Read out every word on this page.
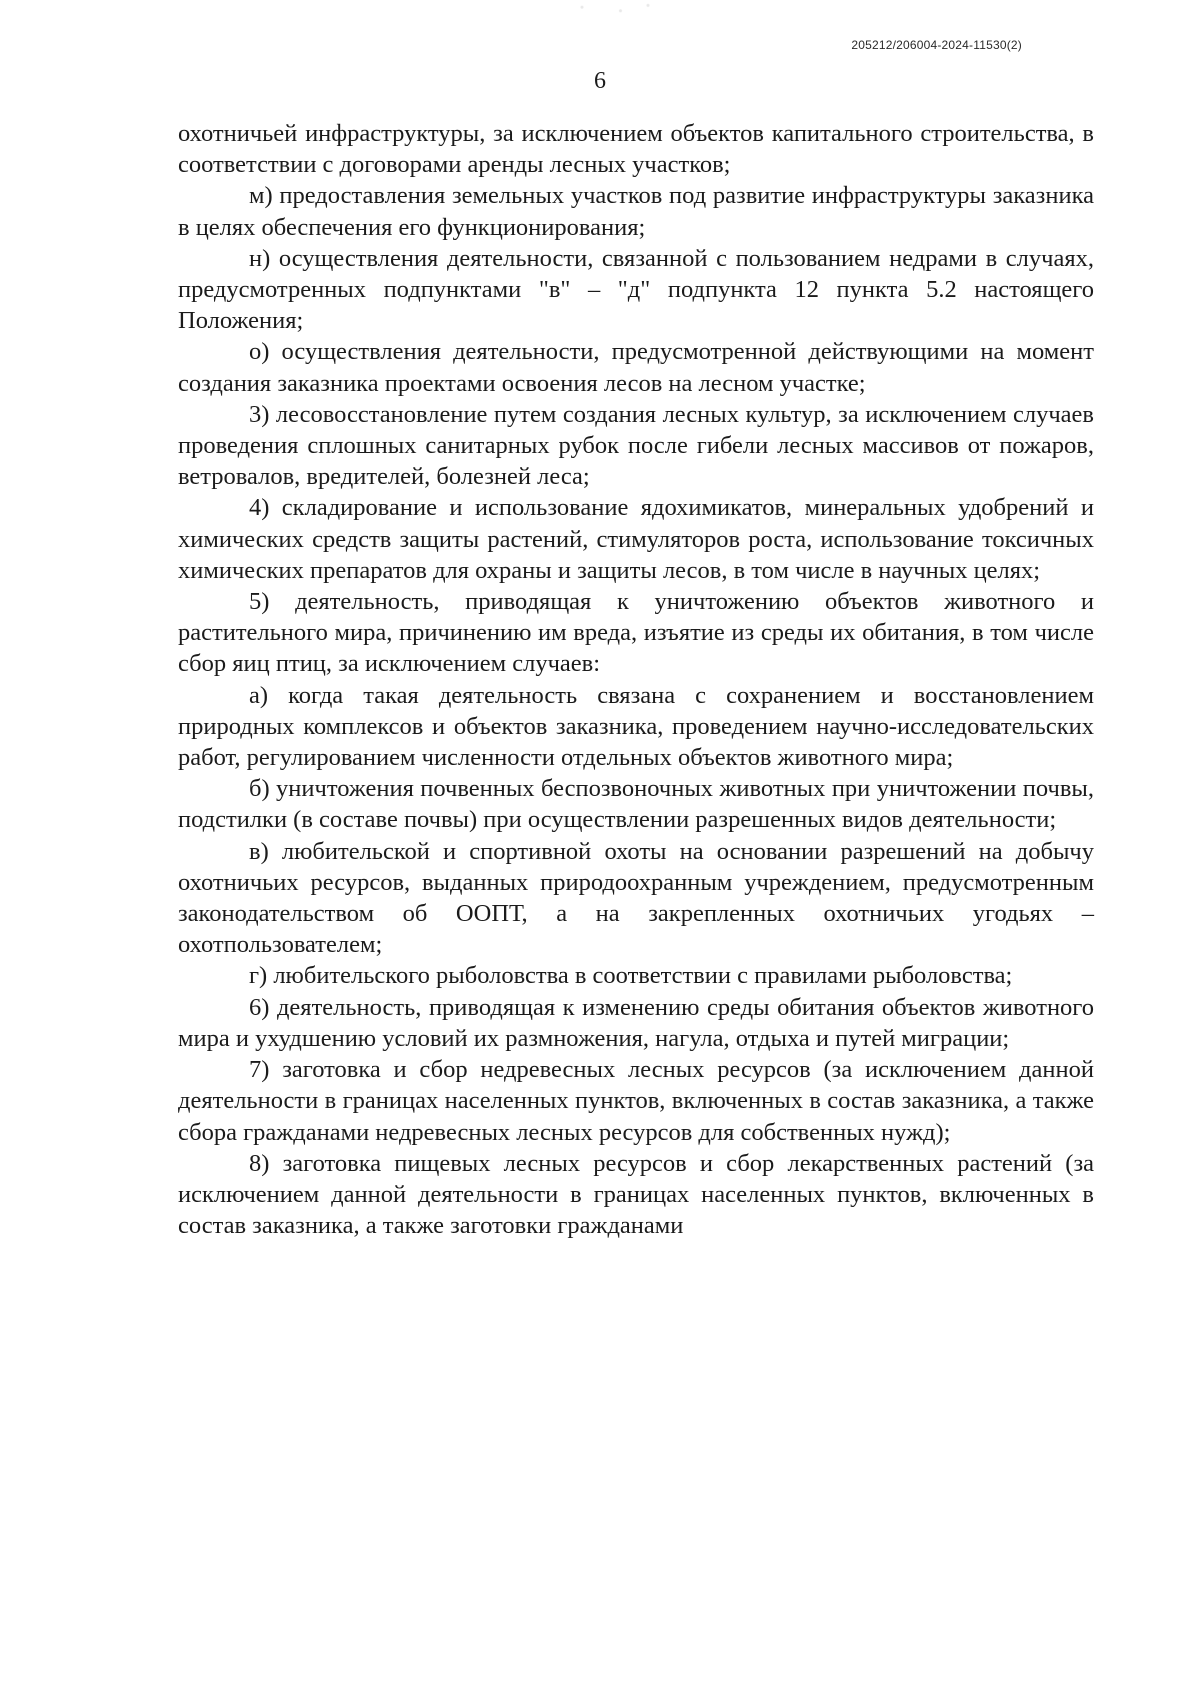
205212/206004-2024-11530(2)
6

охотничьей инфраструктуры, за исключением объектов капитального строительства, в соответствии с договорами аренды лесных участков;

м) предоставления земельных участков под развитие инфраструктуры заказника в целях обеспечения его функционирования;

н) осуществления деятельности, связанной с пользованием недрами в случаях, предусмотренных подпунктами "в" – "д" подпункта 12 пункта 5.2 настоящего Положения;

о) осуществления деятельности, предусмотренной действующими на момент создания заказника проектами освоения лесов на лесном участке;

3) лесовосстановление путем создания лесных культур, за исключением случаев проведения сплошных санитарных рубок после гибели лесных массивов от пожаров, ветровалов, вредителей, болезней леса;

4) складирование и использование ядохимикатов, минеральных удобрений и химических средств защиты растений, стимуляторов роста, использование токсичных химических препаратов для охраны и защиты лесов, в том числе в научных целях;

5) деятельность, приводящая к уничтожению объектов животного и растительного мира, причинению им вреда, изъятие из среды их обитания, в том числе сбор яиц птиц, за исключением случаев:

а) когда такая деятельность связана с сохранением и восстановлением природных комплексов и объектов заказника, проведением научно-исследовательских работ, регулированием численности отдельных объектов животного мира;

б) уничтожения почвенных беспозвоночных животных при уничтожении почвы, подстилки (в составе почвы) при осуществлении разрешенных видов деятельности;

в) любительской и спортивной охоты на основании разрешений на добычу охотничьих ресурсов, выданных природоохранным учреждением, предусмотренным законодательством об ООПТ, а на закрепленных охотничьих угодьях – охотпользователем;

г) любительского рыболовства в соответствии с правилами рыболовства;

6) деятельность, приводящая к изменению среды обитания объектов животного мира и ухудшению условий их размножения, нагула, отдыха и путей миграции;

7) заготовка и сбор недревесных лесных ресурсов (за исключением данной деятельности в границах населенных пунктов, включенных в состав заказника, а также сбора гражданами недревесных лесных ресурсов для собственных нужд);

8) заготовка пищевых лесных ресурсов и сбор лекарственных растений (за исключением данной деятельности в границах населенных пунктов, включенных в состав заказника, а также заготовки гражданами
